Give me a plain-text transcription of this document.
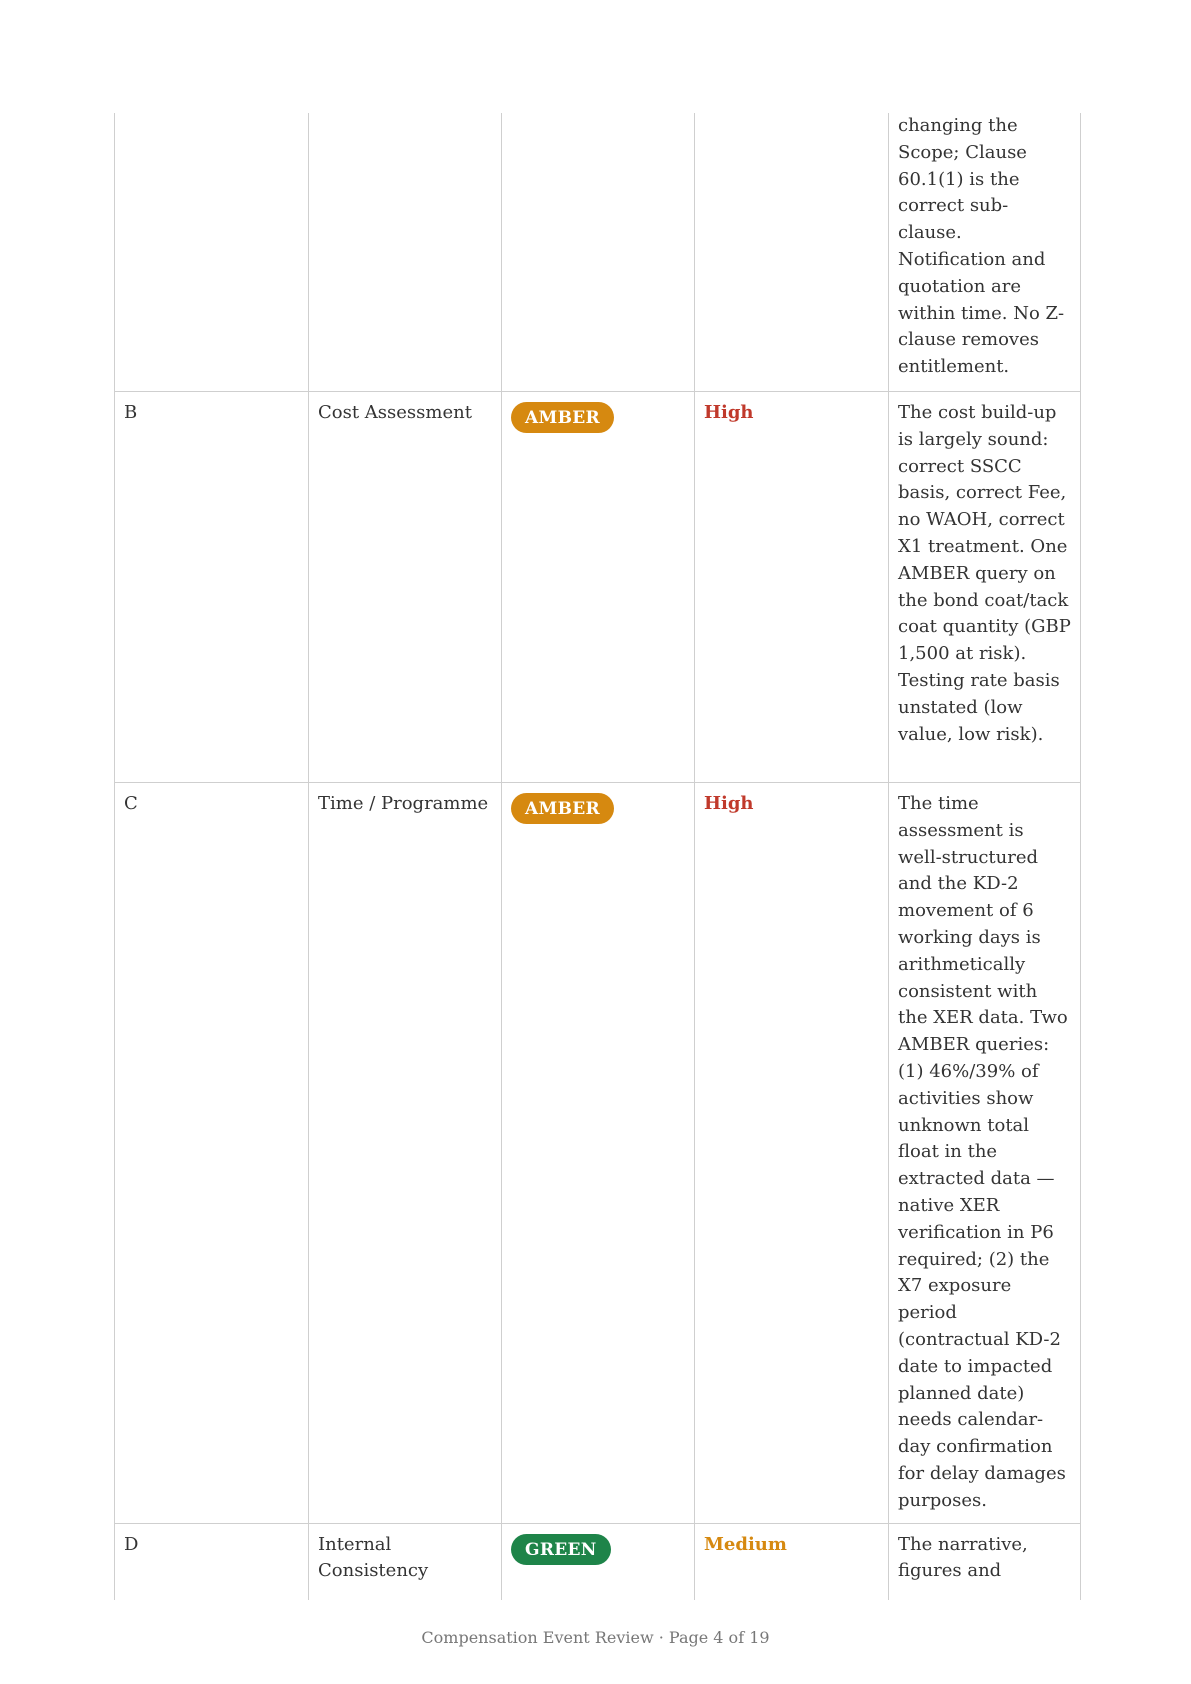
				changing the Scope; Clause 60.1(1) is the correct sub-clause. Notification and quotation are within time. No Z-clause removes entitlement.
B	Cost Assessment	AMBER	High	The cost build-up is largely sound: correct SSCC basis, correct Fee, no WAOH, correct X1 treatment. One AMBER query on the bond coat/tack coat quantity (GBP 1,500 at risk). Testing rate basis unstated (low value, low risk).
C	Time / Programme	AMBER	High	The time assessment is well-structured and the KD-2 movement of 6 working days is arithmetically consistent with the XER data. Two AMBER queries: (1) 46%/39% of activities show unknown total float in the extracted data — native XER verification in P6 required; (2) the X7 exposure period (contractual KD-2 date to impacted planned date) needs calendar-day confirmation for delay damages purposes.
D	Internal Consistency	GREEN	Medium	The narrative, figures and
Compensation Event Review · Page 4 of 19
